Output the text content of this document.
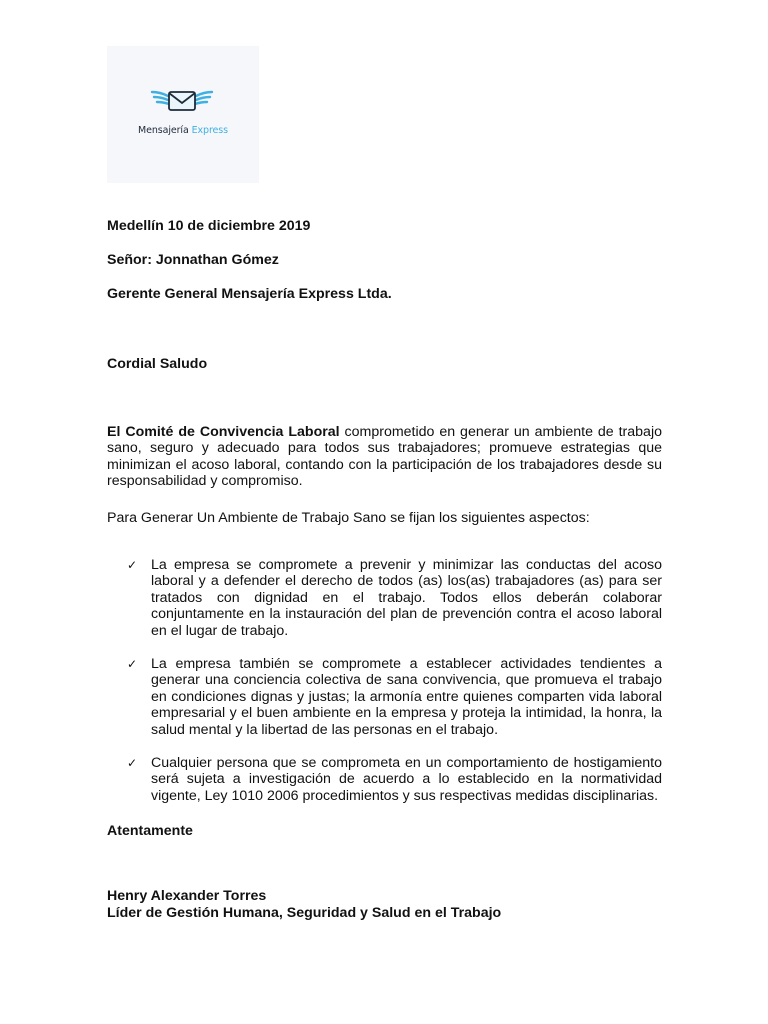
Mensajería Express
Medellín 10 de diciembre 2019
Señor: Jonnathan Gómez
Gerente General Mensajería Express Ltda.
Cordial Saludo

El Comité de Convivencia Laboral comprometido en generar un ambiente de trabajo sano, seguro y adecuado para todos sus trabajadores; promueve estrategias que minimizan el acoso laboral, contando con la participación de los trabajadores desde su responsabilidad y compromiso.

Para Generar Un Ambiente de Trabajo Sano se fijan los siguientes aspectos:
✓ La empresa se compromete a prevenir y minimizar las conductas del acoso laboral y a defender el derecho de todos (as) los(as) trabajadores (as) para ser tratados con dignidad en el trabajo. Todos ellos deberán colaborar conjuntamente en la instauración del plan de prevención contra el acoso laboral en el lugar de trabajo.
✓ La empresa también se compromete a establecer actividades tendientes a generar una conciencia colectiva de sana convivencia, que promueva el trabajo en condiciones dignas y justas; la armonía entre quienes comparten vida laboral empresarial y el buen ambiente en la empresa y proteja la intimidad, la honra, la salud mental y la libertad de las personas en el trabajo.
✓ Cualquier persona que se comprometa en un comportamiento de hostigamiento será sujeta a investigación de acuerdo a lo establecido en la normatividad vigente, Ley 1010 2006 procedimientos y sus respectivas medidas disciplinarias.
Atentamente
Henry Alexander Torres
Líder de Gestión Humana, Seguridad y Salud en el Trabajo
